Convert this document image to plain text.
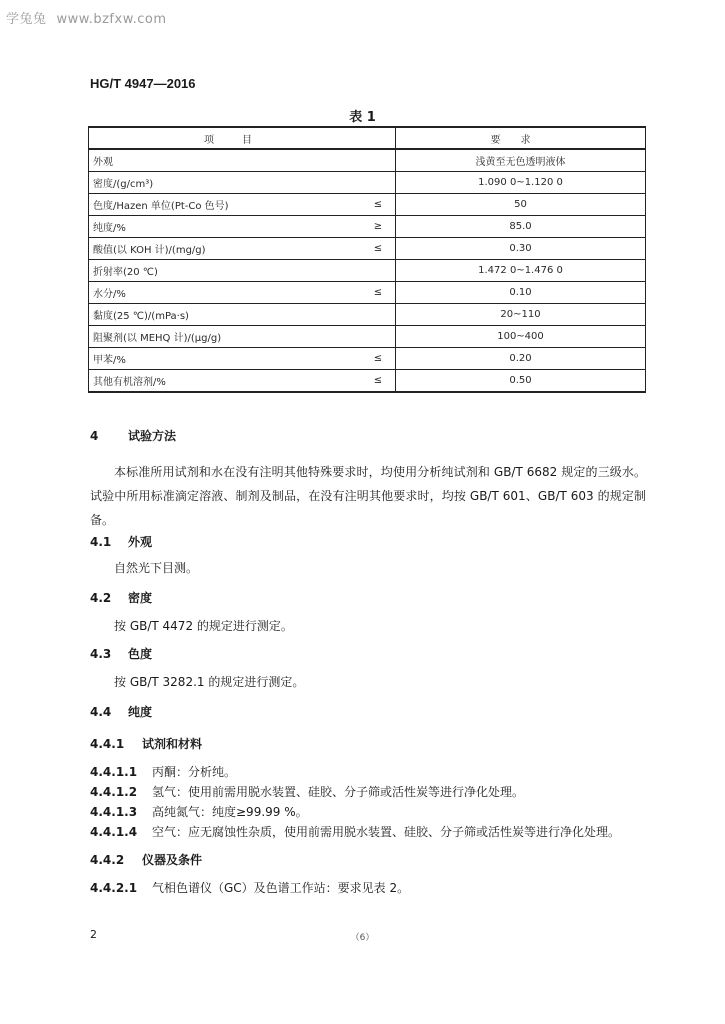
学兔兔 www.bzfxw.com
HG/T 4947—2016
表 1
项目		要求
外观		浅黄至无色透明液体
密度/(g/cm³)		1.090 0~1.120 0
色度/Hazen 单位(Pt-Co 色号)	≤	50
纯度/%	≥	85.0
酸值(以 KOH 计)/(mg/g)	≤	0.30
折射率(20 ℃)		1.472 0~1.476 0
水分/%	≤	0.10
黏度(25 ℃)/(mPa·s)		20~110
阻聚剂(以 MEHQ 计)/(μg/g)		100~400
甲苯/%	≤	0.20
其他有机溶剂/%	≤	0.50
4 试验方法
本标准所用试剂和水在没有注明其他特殊要求时，均使用分析纯试剂和 GB/T 6682 规定的三级水。试验中所用标准滴定溶液、制剂及制品，在没有注明其他要求时，均按 GB/T 601、GB/T 603 的规定制备。
4.1 外观
自然光下目测。
4.2 密度
按 GB/T 4472 的规定进行测定。
4.3 色度
按 GB/T 3282.1 的规定进行测定。
4.4 纯度
4.4.1 试剂和材料
4.4.1.1 丙酮：分析纯。
4.4.1.2 氢气：使用前需用脱水装置、硅胶、分子筛或活性炭等进行净化处理。
4.4.1.3 高纯氮气：纯度≥99.99 %。
4.4.1.4 空气：应无腐蚀性杂质，使用前需用脱水装置、硅胶、分子筛或活性炭等进行净化处理。
4.4.2 仪器及条件
4.4.2.1 气相色谱仪（GC）及色谱工作站：要求见表 2。
2	（6）
